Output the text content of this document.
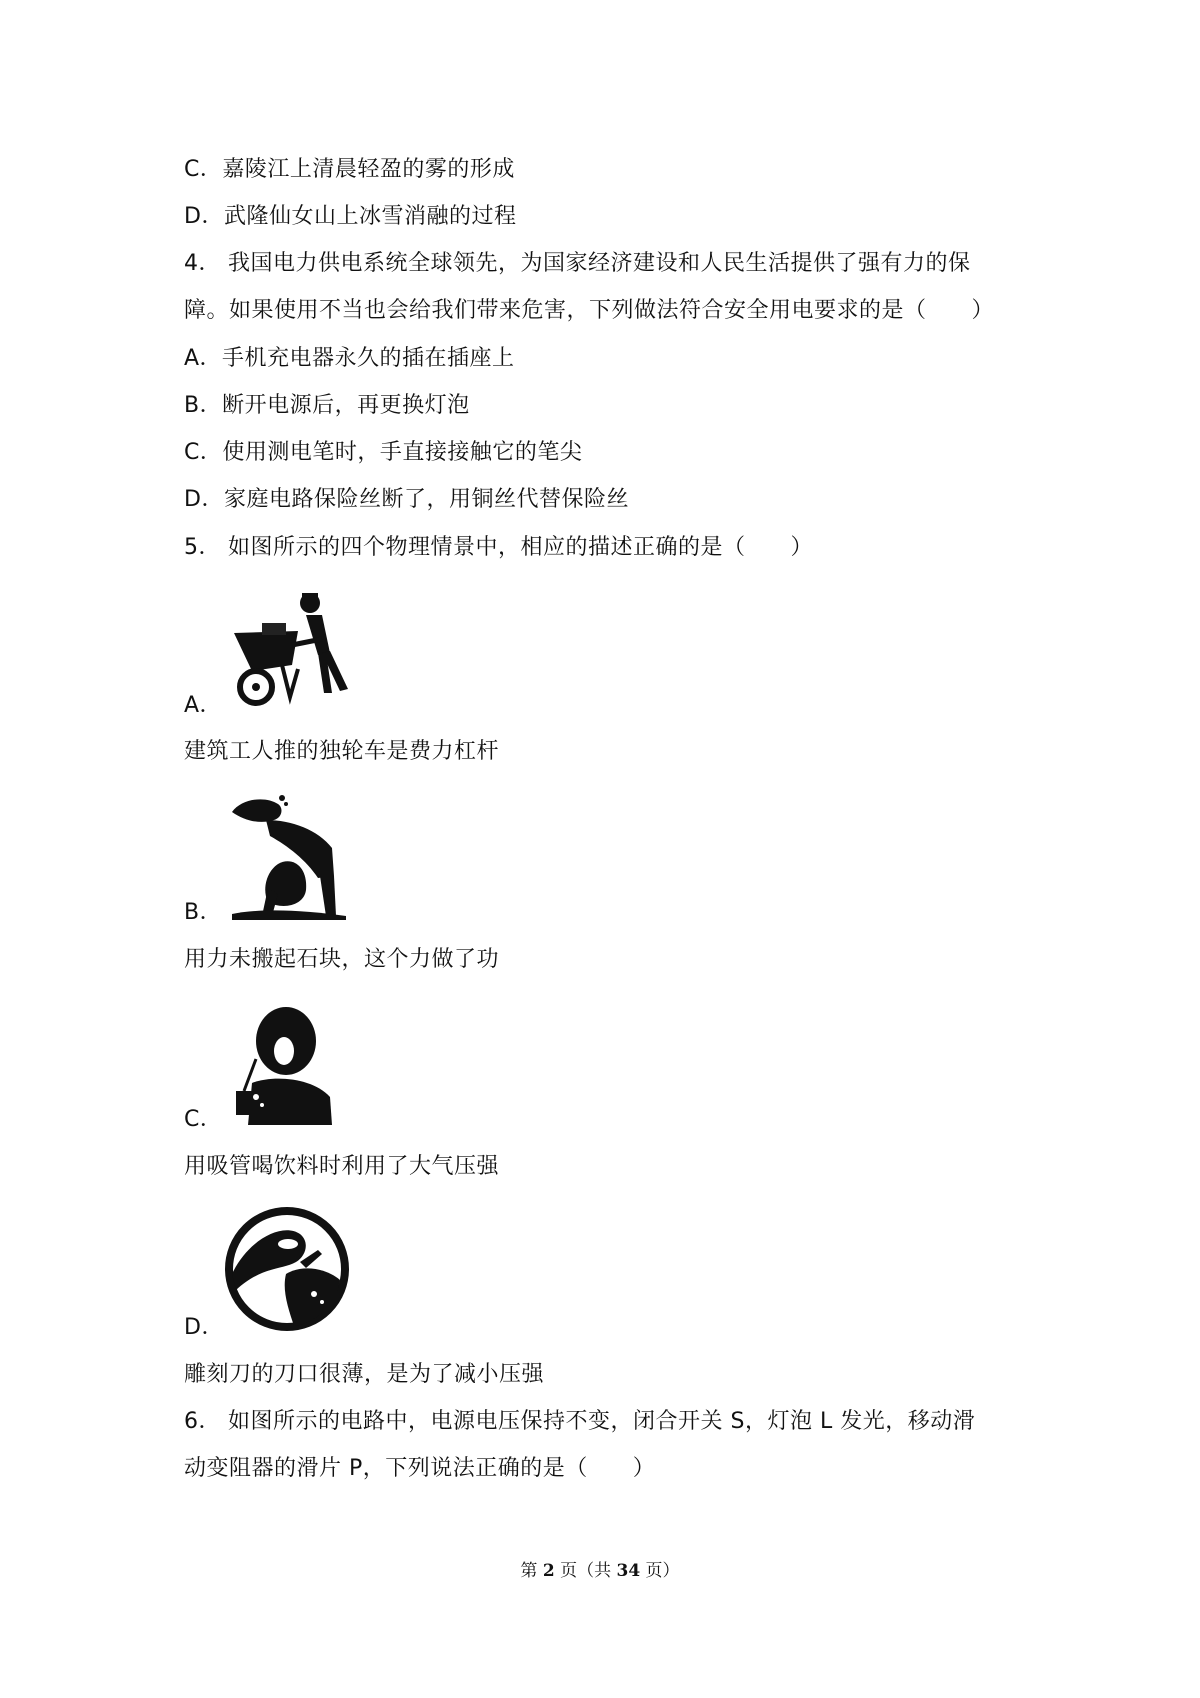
C．嘉陵江上清晨轻盈的雾的形成
D．武隆仙女山上冰雪消融的过程
4． 我国电力供电系统全球领先，为国家经济建设和人民生活提供了强有力的保
障。如果使用不当也会给我们带来危害，下列做法符合安全用电要求的是（　　）
A．手机充电器永久的插在插座上
B．断开电源后，再更换灯泡
C．使用测电笔时，手直接接触它的笔尖
D．家庭电路保险丝断了，用铜丝代替保险丝
5． 如图所示的四个物理情景中，相应的描述正确的是（　　）
A．
建筑工人推的独轮车是费力杠杆
B．
用力未搬起石块，这个力做了功
C．
用吸管喝饮料时利用了大气压强
D．
雕刻刀的刀口很薄，是为了减小压强
6． 如图所示的电路中，电源电压保持不变，闭合开关 S，灯泡 L 发光，移动滑
动变阻器的滑片 P，下列说法正确的是（　　）
第 2 页（共 34 页）
